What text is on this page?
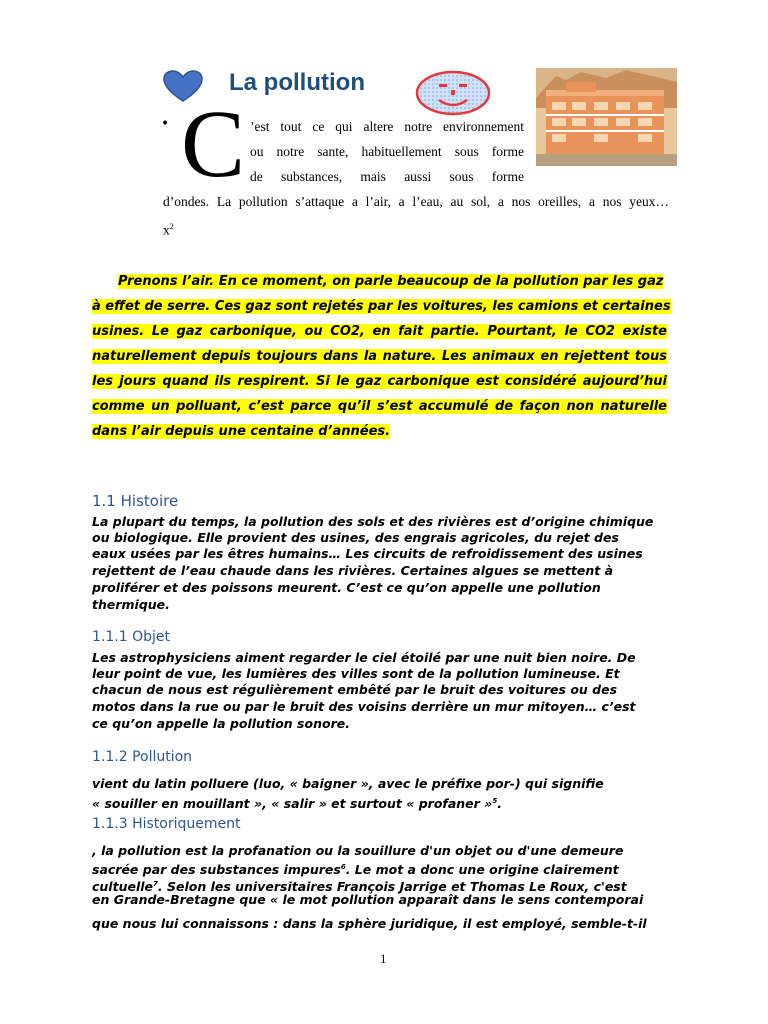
La pollution
• C ’est tout ce qui altere notre environnement
ou notre sante, habituellement sous forme
de substances, mais aussi sous forme
d’ondes. La pollution s’attaque a l’air, a l’eau, au sol, a nos oreilles, a nos yeux…
$x^2$
Prenons l’air. En ce moment, on parle beaucoup de la pollution par les gaz
à effet de serre. Ces gaz sont rejetés par les voitures, les camions et certaines
usines. Le gaz carbonique, ou CO2, en fait partie. Pourtant, le CO2 existe
naturellement depuis toujours dans la nature. Les animaux en rejettent tous
les jours quand ils respirent. Si le gaz carbonique est considéré aujourd’hui
comme un polluant, c’est parce qu’il s’est accumulé de façon non naturelle
dans l’air depuis une centaine d’années.
1.1 Histoire
La plupart du temps, la pollution des sols et des rivières est d’origine chimique
ou biologique. Elle provient des usines, des engrais agricoles, du rejet des
eaux usées par les êtres humains… Les circuits de refroidissement des usines
rejettent de l’eau chaude dans les rivières. Certaines algues se mettent à
proliférer et des poissons meurent. C’est ce qu’on appelle une pollution
thermique.
1.1.1 Objet
Les astrophysiciens aiment regarder le ciel étoilé par une nuit bien noire. De
leur point de vue, les lumières des villes sont de la pollution lumineuse. Et
chacun de nous est régulièrement embêté par le bruit des voitures ou des
motos dans la rue ou par le bruit des voisins derrière un mur mitoyen… c’est
ce qu’on appelle la pollution sonore.
1.1.2 Pollution
vient du latin polluere (luo, « baigner », avec le préfixe por-) qui signifie
« souiller en mouillant », « salir » et surtout « profaner »$^5$.
1.1.3 Historiquement
, la pollution est la profanation ou la souillure d'un objet ou d'une demeure
sacrée par des substances impures$^6$. Le mot a donc une origine clairement
cultuelle$^7$. Selon les universitaires François Jarrige et Thomas Le Roux, c'est
en Grande-Bretagne que « le mot pollution apparaît dans le sens contemporai
que nous lui connaissons : dans la sphère juridique, il est employé, semble-t-il
1
